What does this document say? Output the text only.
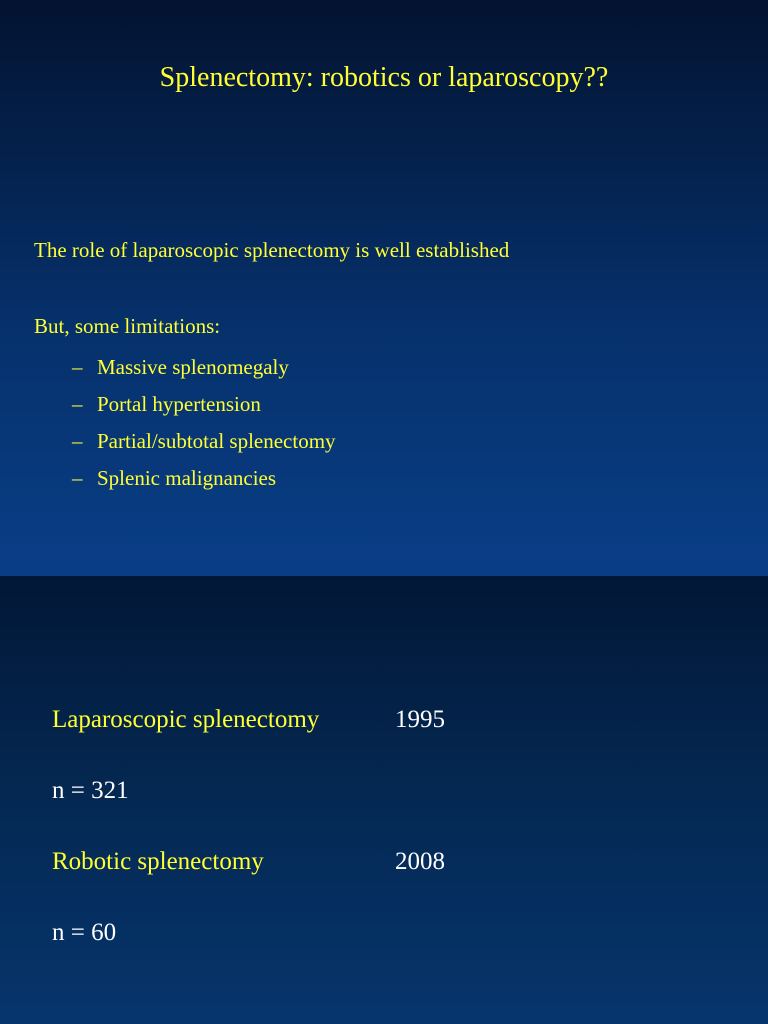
Splenectomy: robotics or laparoscopy??
The role of laparoscopic splenectomy is well established
But, some limitations:
– Massive splenomegaly
– Portal hypertension
– Partial/subtotal splenectomy
– Splenic malignancies
Laparoscopic splenectomy	1995
n = 321
Robotic splenectomy	2008
n = 60
